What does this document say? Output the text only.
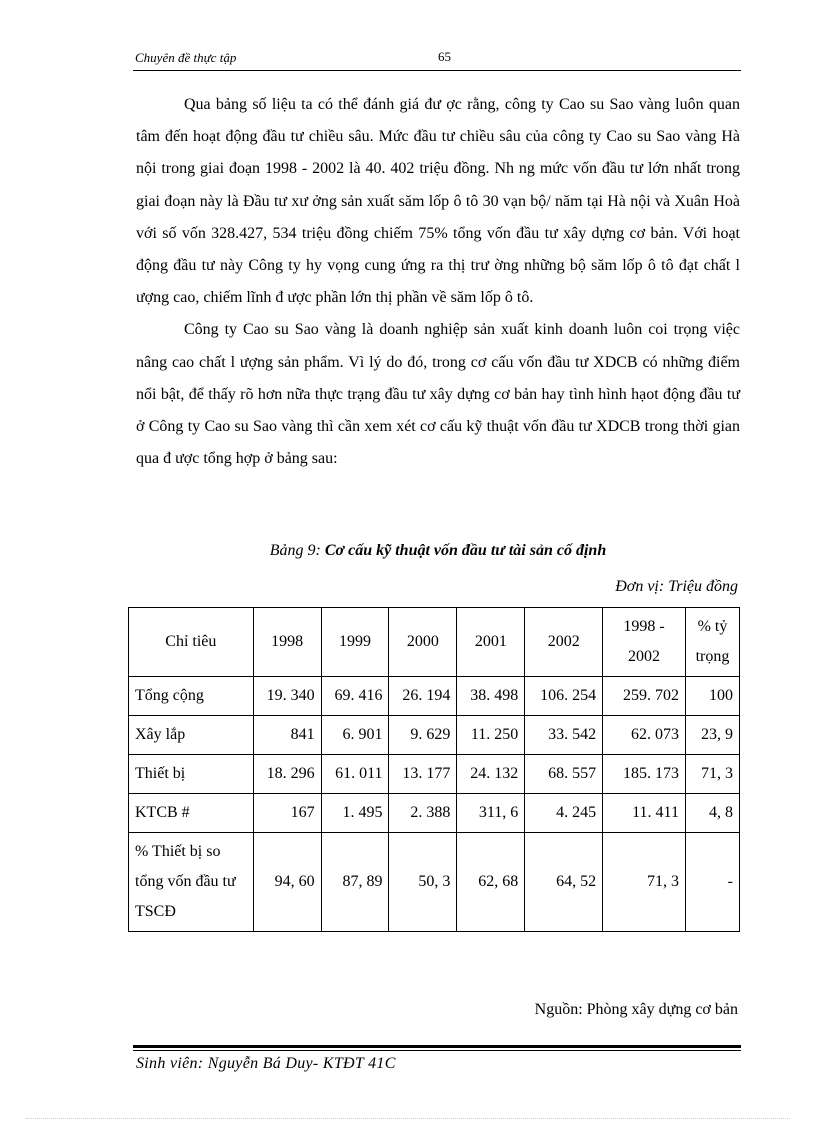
Chuyên đề thực tập	65

Qua bảng số liệu ta có thể đánh giá đư ợc rằng, công ty Cao su Sao vàng luôn quan tâm đến hoạt động đầu tư chiều sâu. Mức đầu tư chiều sâu của công ty Cao su Sao vàng Hà nội trong giai đoạn 1998 - 2002 là 40. 402 triệu đồng. Nh ng mức vốn đầu tư lớn nhất trong giai đoạn này là Đầu tư xư ởng sản xuất săm lốp ô tô 30 vạn bộ/ năm tại Hà nội và Xuân Hoà với số vốn 328.427, 534 triệu đồng chiếm 75% tổng vốn đầu tư xây dựng cơ bản. Với hoạt động đầu tư này Công ty hy vọng cung ứng ra thị trư ờng những bộ săm lốp ô tô đạt chất l ượng cao, chiếm lĩnh đ ược phần lớn thị phần về săm lốp ô tô.

Công ty Cao su Sao vàng là doanh nghiệp sản xuất kinh doanh luôn coi trọng việc nâng cao chất l ượng sản phẩm. Vì lý do đó, trong cơ cấu vốn đầu tư XDCB có những điểm nổi bật, để thấy rõ hơn nữa thực trạng đầu tư xây dựng cơ bản hay tình hình hạot động đầu tư ở Công ty Cao su Sao vàng thì cần xem xét cơ cấu kỹ thuật vốn đầu tư XDCB trong thời gian qua đ ược tổng hợp ở bảng sau:

Bảng 9: Cơ cấu kỹ thuật vốn đầu tư tài sản cố định
Đơn vị: Triệu đồng
Chỉ tiêu	1998	1999	2000	2001	2002	1998 - 2002	% tỷ trọng
Tổng cộng	19. 340	69. 416	26. 194	38. 498	106. 254	259. 702	100
Xây lắp	841	6. 901	9. 629	11. 250	33. 542	62. 073	23, 9
Thiết bị	18. 296	61. 011	13. 177	24. 132	68. 557	185. 173	71, 3
KTCB #	167	1. 495	2. 388	311, 6	4. 245	11. 411	4, 8
% Thiết bị so tổng vốn đầu tư TSCĐ	94, 60	87, 89	50, 3	62, 68	64, 52	71, 3	-
Nguồn: Phòng xây dựng cơ bản
Sinh viên: Nguyễn Bá Duy- KTĐT 41C
